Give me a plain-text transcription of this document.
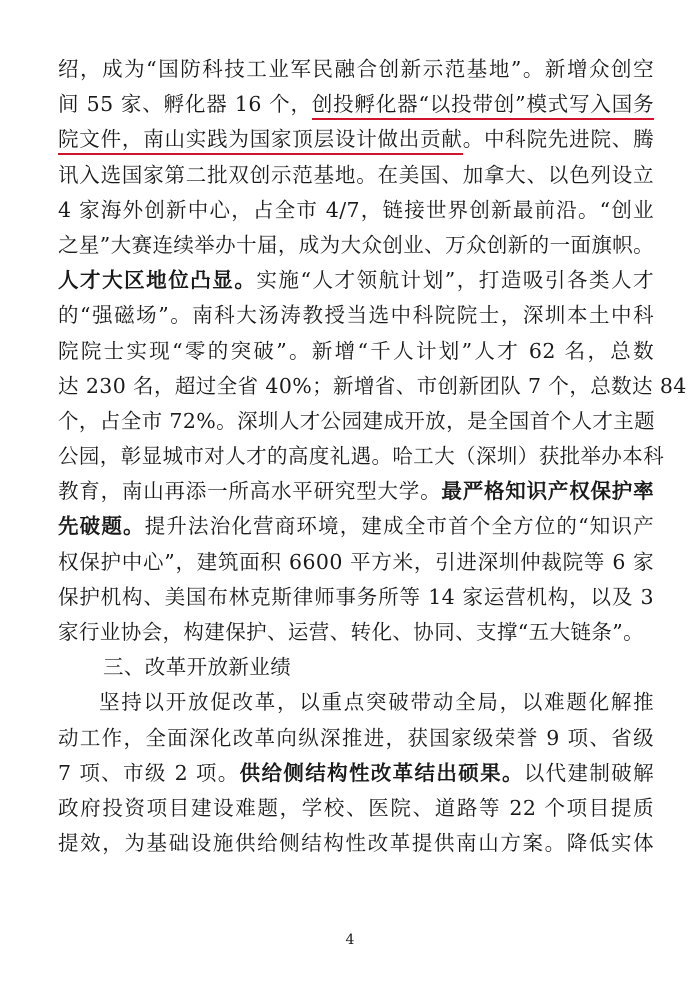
绍，成为“国防科技工业军民融合创新示范基地”。新增众创空
间 55 家、孵化器 16 个，创投孵化器“以投带创”模式写入国务
院文件，南山实践为国家顶层设计做出贡献。中科院先进院、腾
讯入选国家第二批双创示范基地。在美国、加拿大、以色列设立
4 家海外创新中心，占全市 4/7，链接世界创新最前沿。“创业
之星”大赛连续举办十届，成为大众创业、万众创新的一面旗帜。
人才大区地位凸显。实施“人才领航计划”，打造吸引各类人才
的“强磁场”。南科大汤涛教授当选中科院院士，深圳本土中科
院院士实现“零的突破”。新增“千人计划”人才 62 名，总数
达 230 名，超过全省 40%；新增省、市创新团队 7 个，总数达 84
个，占全市 72%。深圳人才公园建成开放，是全国首个人才主题
公园，彰显城市对人才的高度礼遇。哈工大（深圳）获批举办本科
教育，南山再添一所高水平研究型大学。最严格知识产权保护率
先破题。提升法治化营商环境，建成全市首个全方位的“知识产
权保护中心”，建筑面积 6600 平方米，引进深圳仲裁院等 6 家
保护机构、美国布林克斯律师事务所等 14 家运营机构，以及 3
家行业协会，构建保护、运营、转化、协同、支撑“五大链条”。
三、改革开放新业绩
坚持以开放促改革，以重点突破带动全局，以难题化解推
动工作，全面深化改革向纵深推进，获国家级荣誉 9 项、省级
7 项、市级 2 项。供给侧结构性改革结出硕果。以代建制破解
政府投资项目建设难题，学校、医院、道路等 22 个项目提质
提效，为基础设施供给侧结构性改革提供南山方案。降低实体
4
